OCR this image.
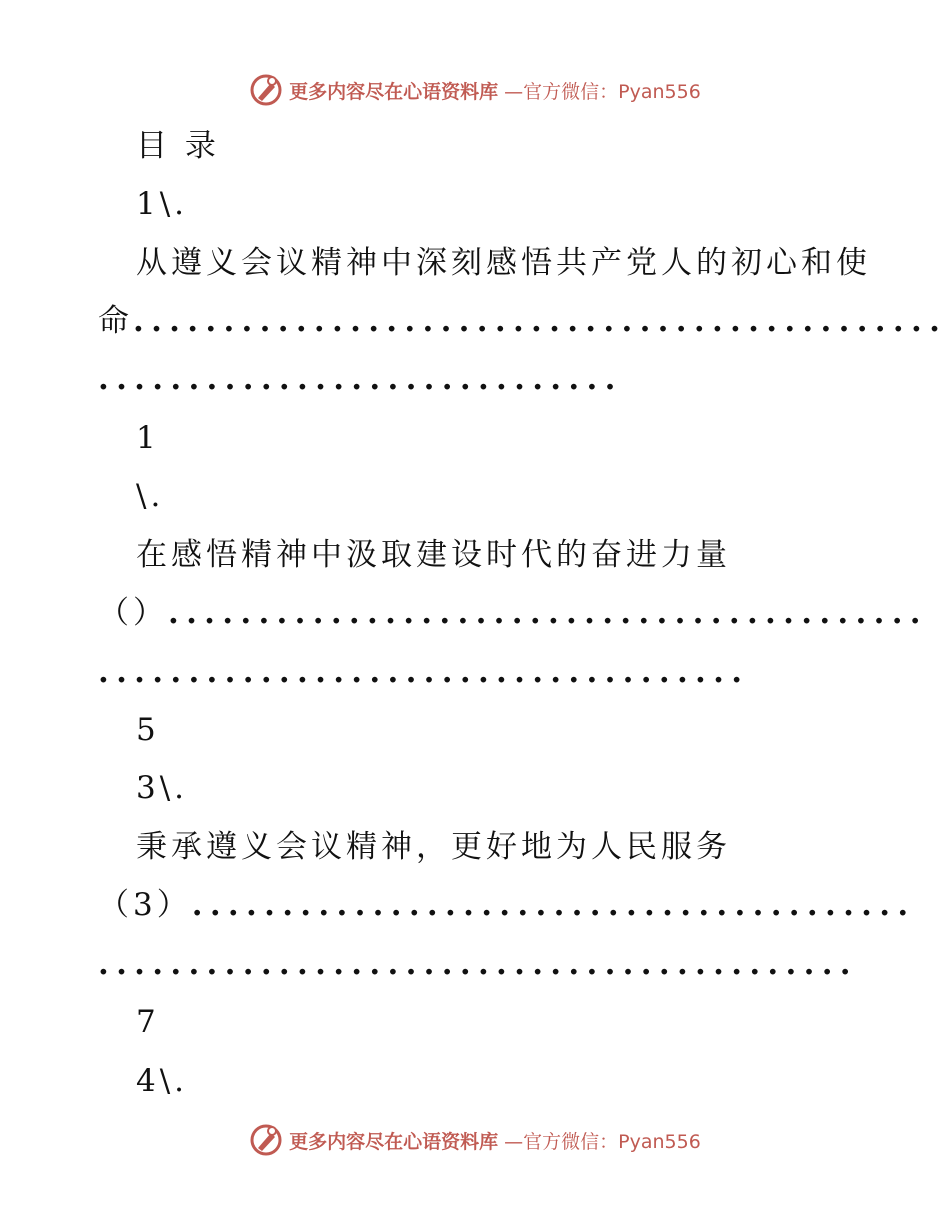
更多内容尽在心语资料库 —官方微信：Pyan556
目 录
1\.
从遵义会议精神中深刻感悟共产党人的初心和使
命.............................................
.............................
1
\.
在感悟精神中汲取建设时代的奋进力量
（）..........................................
....................................
5
3\.
秉承遵义会议精神，更好地为人民服务
（3）........................................
..........................................
7
4\.
更多内容尽在心语资料库 —官方微信：Pyan556
